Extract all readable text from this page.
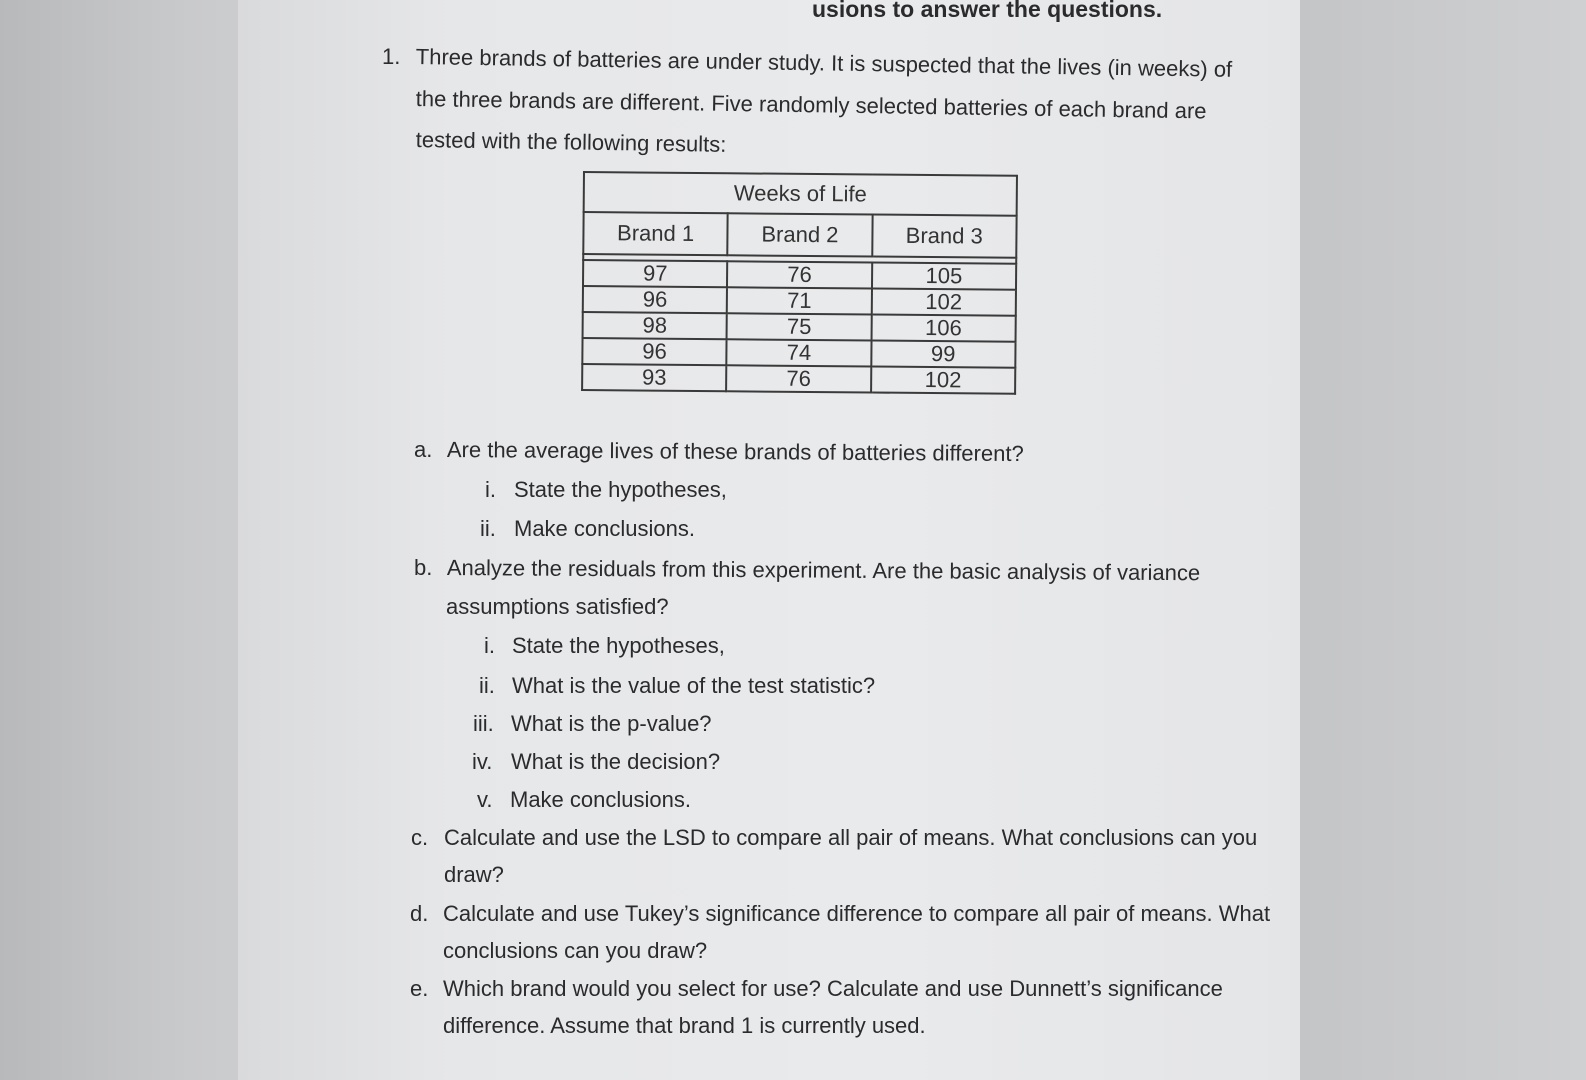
usions to answer the questions.
1. Three brands of batteries are under study. It is suspected that the lives (in weeks) of
the three brands are different. Five randomly selected batteries of each brand are
tested with the following results:
Weeks of Life		
Brand 1	Brand 2	Brand 3

97	76	105
96	71	102
98	75	106
96	74	99
93	76	102
a. Are the average lives of these brands of batteries different?
i. State the hypotheses,
ii. Make conclusions.
b. Analyze the residuals from this experiment. Are the basic analysis of variance
assumptions satisfied?
i. State the hypotheses,
ii. What is the value of the test statistic?
iii. What is the p-value?
iv. What is the decision?
v. Make conclusions.
c. Calculate and use the LSD to compare all pair of means. What conclusions can you
draw?
d. Calculate and use Tukey’s significance difference to compare all pair of means. What
conclusions can you draw?
e. Which brand would you select for use? Calculate and use Dunnett’s significance
difference. Assume that brand 1 is currently used.
